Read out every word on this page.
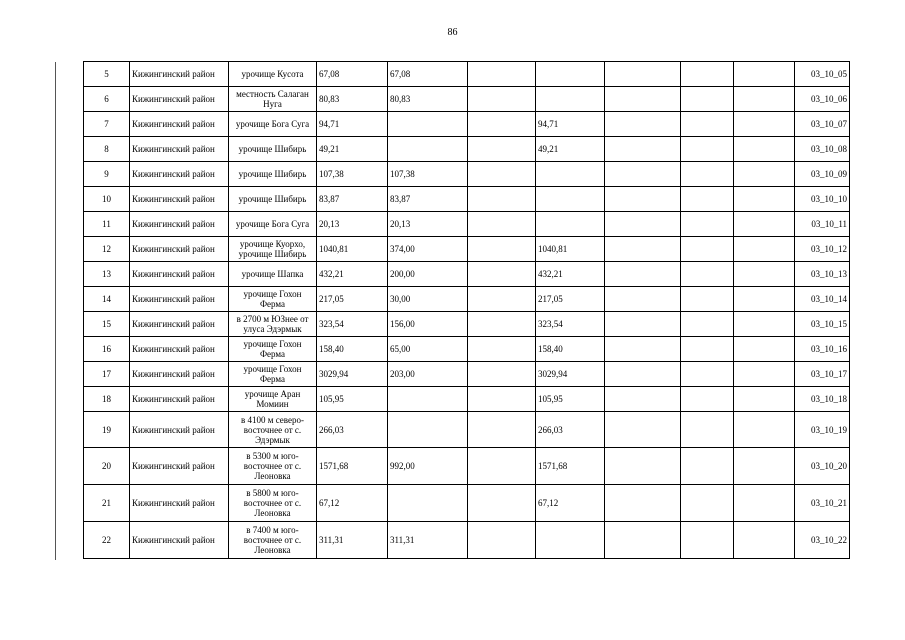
86
5	Кижингинский район	урочище Кусота	67,08	67,08						03_10_05
6	Кижингинский район	местность Салаган Нуга	80,83	80,83						03_10_06
7	Кижингинский район	урочище Бога Суга	94,71			94,71				03_10_07
8	Кижингинский район	урочище Шибирь	49,21			49,21				03_10_08
9	Кижингинский район	урочище Шибирь	107,38	107,38						03_10_09
10	Кижингинский район	урочище Шибирь	83,87	83,87						03_10_10
11	Кижингинский район	урочище Бога Суга	20,13	20,13						03_10_11
12	Кижингинский район	урочище Куорхо, урочище Шибирь	1040,81	374,00		1040,81				03_10_12
13	Кижингинский район	урочище Шапка	432,21	200,00		432,21				03_10_13
14	Кижингинский район	урочище Гохон Ферма	217,05	30,00		217,05				03_10_14
15	Кижингинский район	в 2700 м ЮЗнее от улуса Эдэрмык	323,54	156,00		323,54				03_10_15
16	Кижингинский район	урочище Гохон Ферма	158,40	65,00		158,40				03_10_16
17	Кижингинский район	урочище Гохон Ферма	3029,94	203,00		3029,94				03_10_17
18	Кижингинский район	урочище Аран Момиин	105,95			105,95				03_10_18
19	Кижингинский район	в 4100 м северо-восточнее от с. Эдэрмык	266,03			266,03				03_10_19
20	Кижингинский район	в 5300 м юго-восточнее от с. Леоновка	1571,68	992,00		1571,68				03_10_20
21	Кижингинский район	в 5800 м юго-восточнее от с. Леоновка	67,12			67,12				03_10_21
22	Кижингинский район	в 7400 м юго-восточнее от с. Леоновка	311,31	311,31						03_10_22
